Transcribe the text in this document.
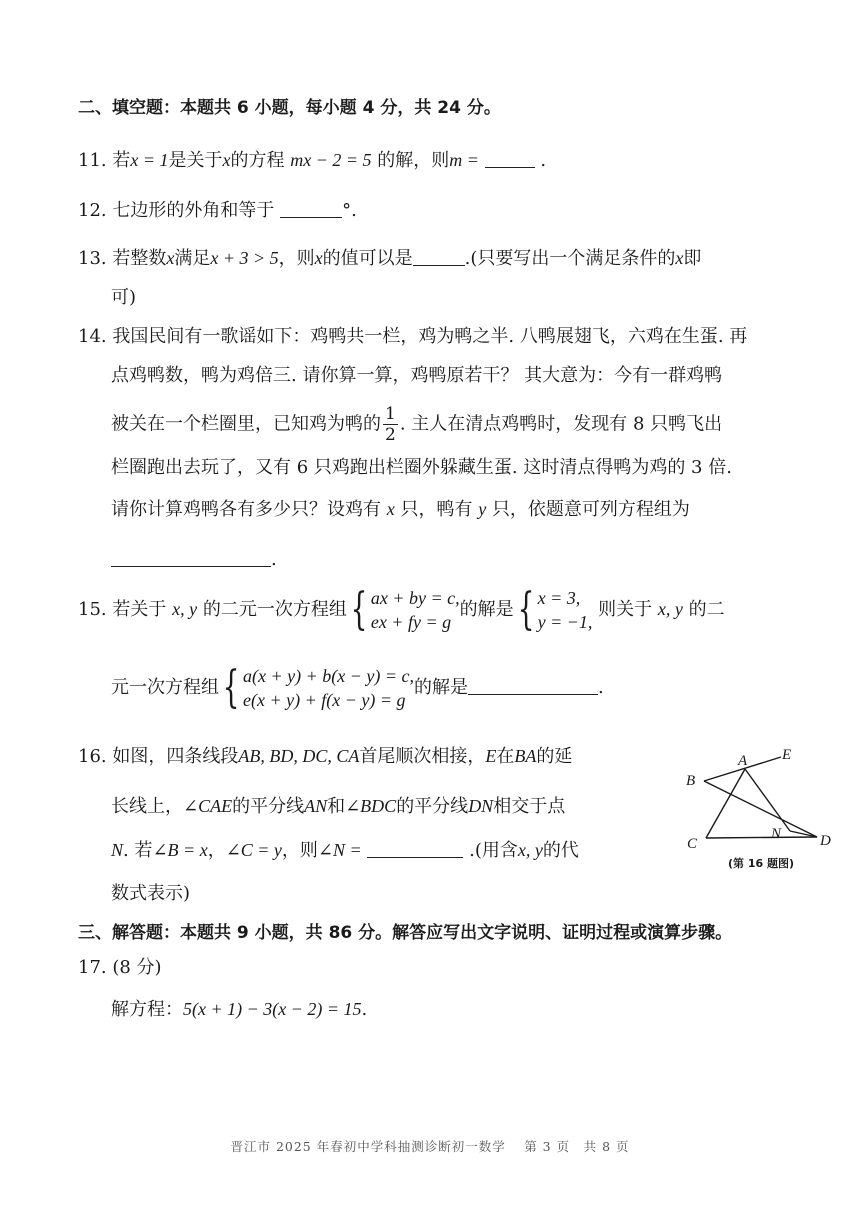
二、填空题：本题共 6 小题，每小题 4 分，共 24 分。
11. 若x = 1是关于x的方程 mx − 2 = 5 的解，则m =	.
12. 七边形的外角和等于	°.
13. 若整数x满足x + 3 > 5，则x的值可以是	.(只要写出一个满足条件的x即
可)
14. 我国民间有一歌谣如下：鸡鸭共一栏，鸡为鸭之半. 八鸭展翅飞，六鸡在生蛋. 再
点鸡鸭数，鸭为鸡倍三. 请你算一算，鸡鸭原若干？ 其大意为：今有一群鸡鸭
被关在一个栏圈里，已知鸡为鸭的 $\frac{1}{2}$ . 主人在清点鸡鸭时，发现有 8 只鸭飞出
栏圈跑出去玩了，又有 6 只鸡跑出栏圈外躲藏生蛋. 这时清点得鸭为鸡的 3 倍.
请你计算鸡鸭各有多少只？设鸡有 x 只，鸭有 y 只，依题意可列方程组为
.
15. 若关于 x, y 的二元一次方程组 { ax + by = c,
ex + fy = g
的解是 { x = 3,
y = −1,
则关于 x, y 的二
元一次方程组 { a(x + y) + b(x − y) = c,
e(x + y) + f(x − y) = g
的解是	.
16. 如图，四条线段AB, BD, DC, CA首尾顺次相接，E在BA的延
长线上，∠CAE的平分线AN和∠BDC的平分线DN相交于点
N. 若∠B = x，∠C = y，则∠N =	.(用含x, y的代
数式表示)
A E
B
C	D
N
(第 16 题图)
三、解答题：本题共 9 小题，共 86 分。解答应写出文字说明、证明过程或演算步骤。
17. (8 分)
解方程：5(x + 1) − 3(x − 2) = 15.
晋江市 2025 年春初中学科抽测诊断初一数学　 第 3 页　共 8 页
